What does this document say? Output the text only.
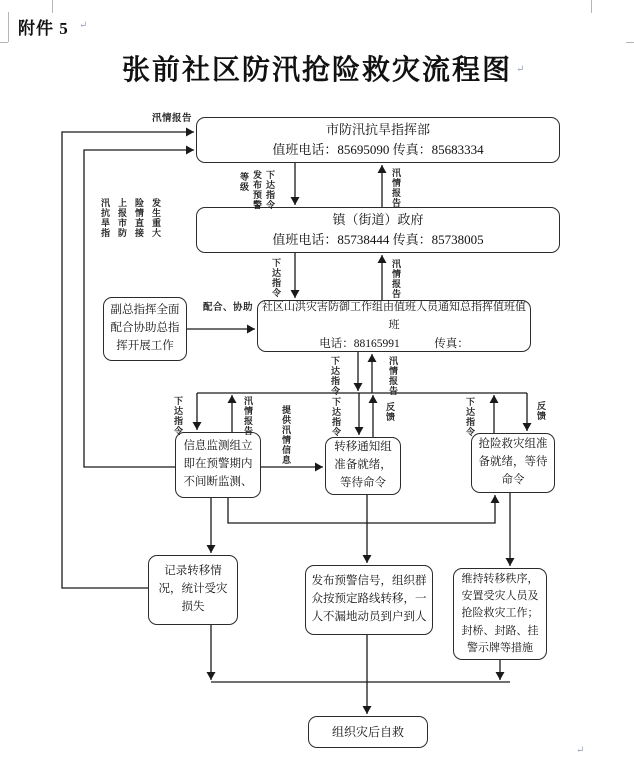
附件 5 ↵
张前社区防汛抢险救灾流程图 ↵
↵
市防汛抗旱指挥部
值班电话：85695090 传真：85683334
镇（街道）政府
值班电话：85738444 传真：85738005
社区山洪灾害防御工作组由值班人员通知总指挥值班值班
电话：88165991　　　传真：
副总指挥全面配合协助总指挥开展工作
信息监测组立即在预警期内不间断监测、
转移通知组准备就绪，等待命令
抢险救灾组准备就绪，等待命令
记录转移情况，统计受灾损失
发布预警信号，组织群众按预定路线转移，一人不漏地动员到户到人
维持转移秩序，安置受灾人员及抢险救灾工作；封桥、封路、挂警示牌等措施
组织灾后自救
汛情报告
配合、协助
等级 发布预警 下达指令	汛情报告
下达指令	汛情报告
下达指令	汛情报告
下达指令	汛情报告	提供汛情信息	下达指令	反馈	下达指令	反馈
汛抗旱指 上报市防 险情直接 发生重大
